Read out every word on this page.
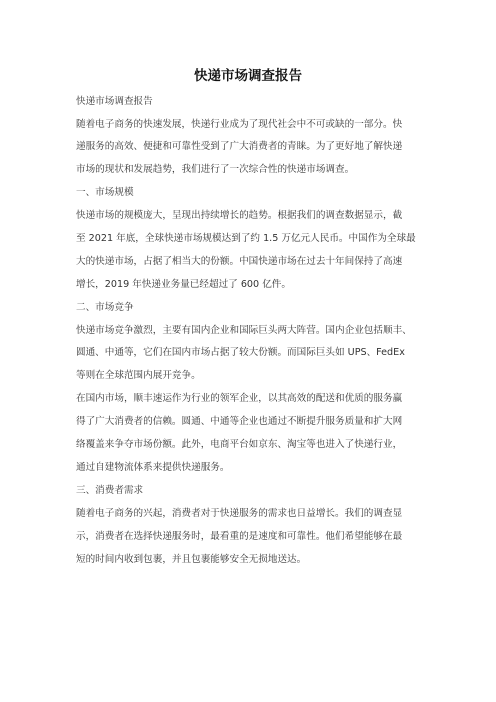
快递市场调查报告
快递市场调查报告
随着电子商务的快速发展，快递行业成为了现代社会中不可或缺的一部分。快
递服务的高效、便捷和可靠性受到了广大消费者的青睐。为了更好地了解快递
市场的现状和发展趋势，我们进行了一次综合性的快递市场调查。
一、市场规模
快递市场的规模庞大，呈现出持续增长的趋势。根据我们的调查数据显示，截
至 2021 年底，全球快递市场规模达到了约 1.5 万亿元人民币。中国作为全球最
大的快递市场，占据了相当大的份额。中国快递市场在过去十年间保持了高速
增长，2019 年快递业务量已经超过了 600 亿件。
二、市场竞争
快递市场竞争激烈，主要有国内企业和国际巨头两大阵营。国内企业包括顺丰、
圆通、中通等，它们在国内市场占据了较大份额。而国际巨头如 UPS、FedEx
等则在全球范围内展开竞争。
在国内市场，顺丰速运作为行业的领军企业，以其高效的配送和优质的服务赢
得了广大消费者的信赖。圆通、中通等企业也通过不断提升服务质量和扩大网
络覆盖来争夺市场份额。此外，电商平台如京东、淘宝等也进入了快递行业，
通过自建物流体系来提供快递服务。
三、消费者需求
随着电子商务的兴起，消费者对于快递服务的需求也日益增长。我们的调查显
示，消费者在选择快递服务时，最看重的是速度和可靠性。他们希望能够在最
短的时间内收到包裹，并且包裹能够安全无损地送达。
